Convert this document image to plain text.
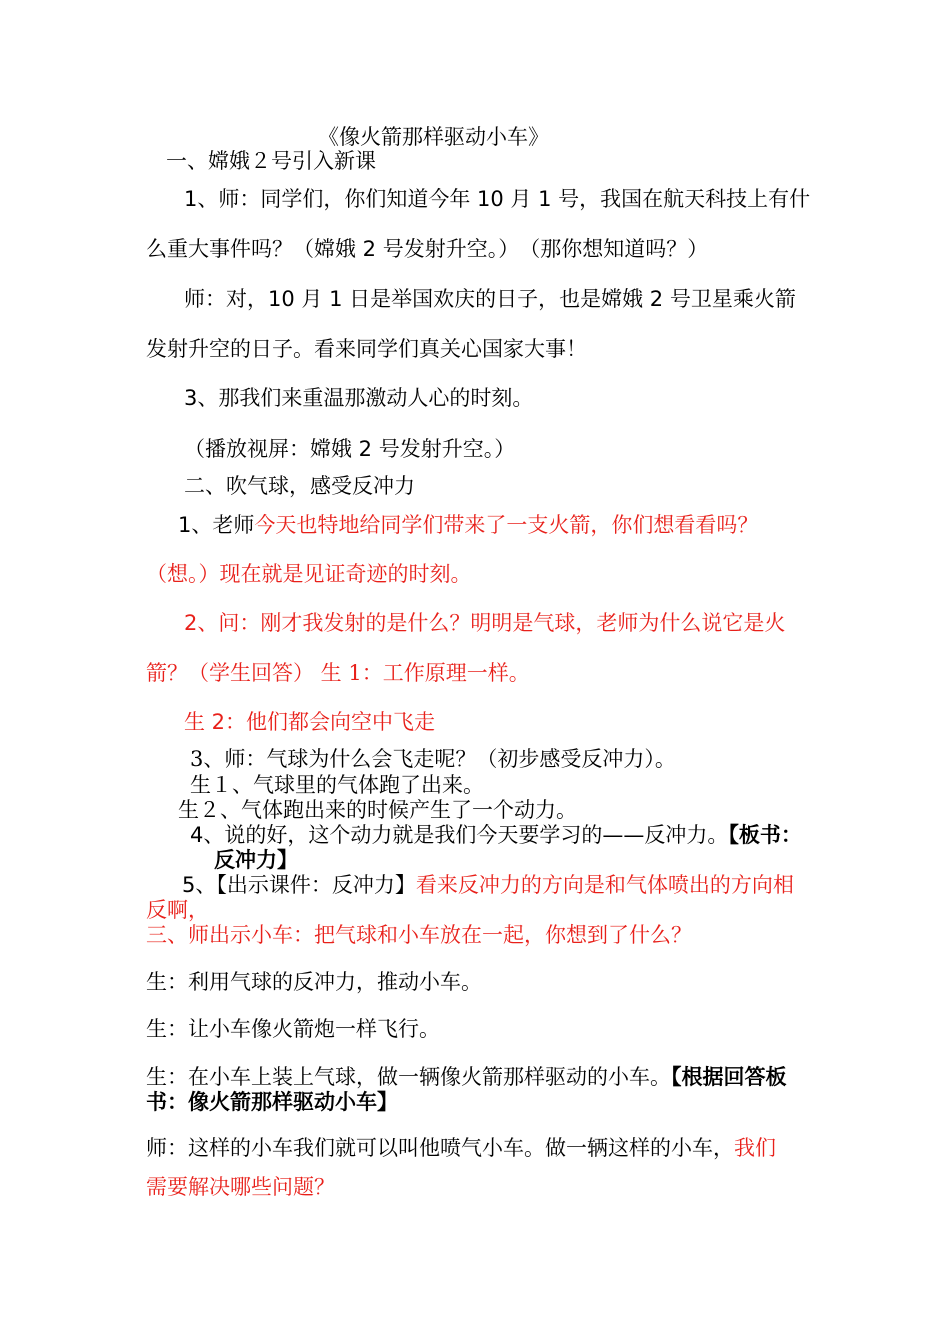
《像火箭那样驱动小车》
一、嫦娥２号引入新课
1、师：同学们，你们知道今年 10 月 1 号，我国在航天科技上有什
么重大事件吗？（嫦娥 2 号发射升空。）　（那你想知道吗？）
师：对，10 月 1 日是举国欢庆的日子，也是嫦娥 2 号卫星乘火箭
发射升空的日子。看来同学们真关心国家大事！
3、那我们来重温那激动人心的时刻。
（播放视屏：嫦娥 2 号发射升空。）
二、吹气球，感受反冲力
1、老师今天也特地给同学们带来了一支火箭，你们想看看吗？
（想。）现在就是见证奇迹的时刻。
2、问：刚才我发射的是什么？明明是气球，老师为什么说它是火
箭？（学生回答） 生 1：工作原理一样。
生 2：他们都会向空中飞走
3、师：气球为什么会飞走呢？（初步感受反冲力）。
生１、气球里的气体跑了出来。
生２、气体跑出来的时候产生了一个动力。
4、说的好，这个动力就是我们今天要学习的——反冲力。【板书：
反冲力】
5、【出示课件：反冲力】看来反冲力的方向是和气体喷出的方向相
反啊，
三、师出示小车：把气球和小车放在一起，你想到了什么？
生：利用气球的反冲力，推动小车。
生：让小车像火箭炮一样飞行。
生：在小车上装上气球，做一辆像火箭那样驱动的小车。【根据回答板
书：像火箭那样驱动小车】
师：这样的小车我们就可以叫他喷气小车。做一辆这样的小车，我们
需要解决哪些问题？
